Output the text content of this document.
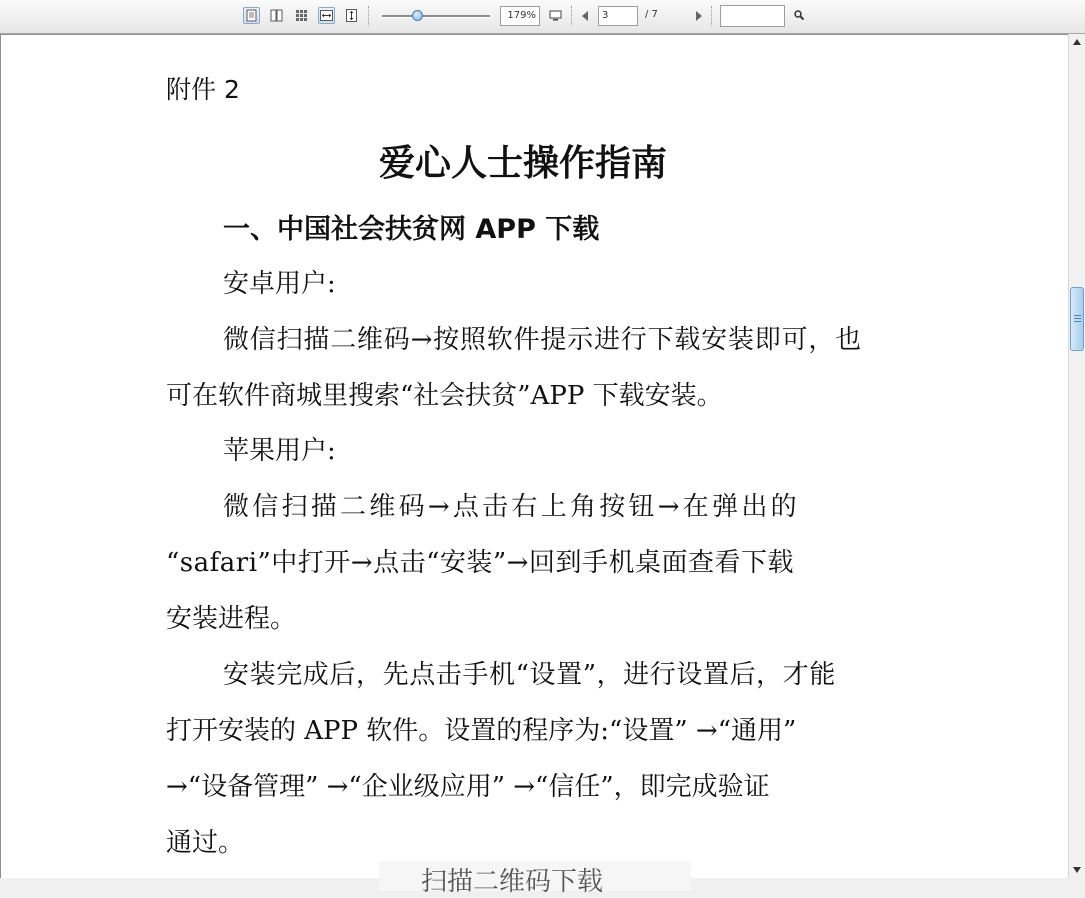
179%	3	/ 7
附件 2
爱心人士操作指南
一、中国社会扶贫网 APP 下载
安卓用户:
微信扫描二维码→按照软件提示进行下载安装即可，也
可在软件商城里搜索“社会扶贫”APP 下载安装。
苹果用户:
微 信 扫 描 二 维 码 → 点 击 右 上 角 按 钮 → 在 弹 出 的
“safari”中打开→点击“安装”→回到手机桌面查看下载
安装进程。
安装完成后，先点击手机“设置”，进行设置后，才能
打开安装的 APP 软件。设置的程序为:“设置” →“通用”
→“设备管理” →“企业级应用” →“信任”，即完成验证
通过。
扫描二维码下载
